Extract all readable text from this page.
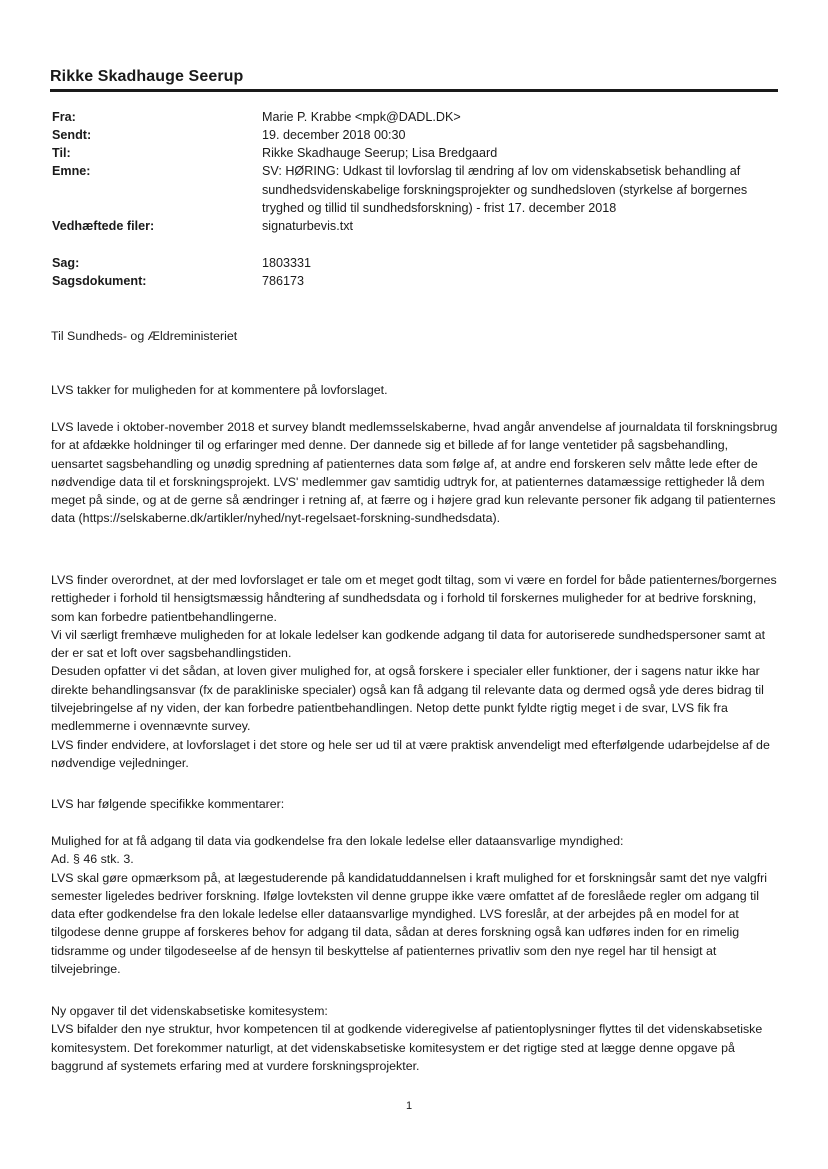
Rikke Skadhauge Seerup
Fra:	Marie P. Krabbe <mpk@DADL.DK>
Sendt:	19. december 2018 00:30
Til:	Rikke Skadhauge Seerup; Lisa Bredgaard
Emne:	SV: HØRING: Udkast til lovforslag til ændring af lov om videnskabsetisk behandling af sundhedsvidenskabelige forskningsprojekter og sundhedsloven (styrkelse af borgernes tryghed og tillid til sundhedsforskning) - frist 17. december 2018
Vedhæftede filer:	signaturbevis.txt
Sag:	1803331
Sagsdokument:	786173
Til Sundheds- og Ældreministeriet
LVS takker for muligheden for at kommentere på lovforslaget.
LVS lavede i oktober-november 2018 et survey blandt medlemsselskaberne, hvad angår anvendelse af journaldata til forskningsbrug for at afdække holdninger til og erfaringer med denne. Der dannede sig et billede af for lange ventetider på sagsbehandling, uensartet sagsbehandling og unødig spredning af patienternes data som følge af, at andre end forskeren selv måtte lede efter de nødvendige data til et forskningsprojekt. LVS' medlemmer gav samtidig udtryk for, at patienternes datamæssige rettigheder lå dem meget på sinde, og at de gerne så ændringer i retning af, at færre og i højere grad kun relevante personer fik adgang til patienternes data (https://selskaberne.dk/artikler/nyhed/nyt-regelsaet-forskning-sundhedsdata).

LVS finder overordnet, at der med lovforslaget er tale om et meget godt tiltag, som vi være en fordel for både patienternes/borgernes rettigheder i forhold til hensigtsmæssig håndtering af sundhedsdata og i forhold til forskernes muligheder for at bedrive forskning, som kan forbedre patientbehandlingerne.

Vi vil særligt fremhæve muligheden for at lokale ledelser kan godkende adgang til data for autoriserede sundhedspersoner samt at der er sat et loft over sagsbehandlingstiden.

Desuden opfatter vi det sådan, at loven giver mulighed for, at også forskere i specialer eller funktioner, der i sagens natur ikke har direkte behandlingsansvar (fx de parakliniske specialer) også kan få adgang til relevante data og dermed også yde deres bidrag til tilvejebringelse af ny viden, der kan forbedre patientbehandlingen. Netop dette punkt fyldte rigtig meget i de svar, LVS fik fra medlemmerne i ovennævnte survey.

LVS finder endvidere, at lovforslaget i det store og hele ser ud til at være praktisk anvendeligt med efterfølgende udarbejdelse af de nødvendige vejledninger.

LVS har følgende specifikke kommentarer:

Mulighed for at få adgang til data via godkendelse fra den lokale ledelse eller dataansvarlige myndighed:

Ad. § 46 stk. 3.

LVS skal gøre opmærksom på, at lægestuderende på kandidatuddannelsen i kraft mulighed for et forskningsår samt det nye valgfri semester ligeledes bedriver forskning. Ifølge lovteksten vil denne gruppe ikke være omfattet af de foreslåede regler om adgang til data efter godkendelse fra den lokale ledelse eller dataansvarlige myndighed. LVS foreslår, at der arbejdes på en model for at tilgodese denne gruppe af forskeres behov for adgang til data, sådan at deres forskning også kan udføres inden for en rimelig tidsramme og under tilgodeseelse af de hensyn til beskyttelse af patienternes privatliv som den nye regel har til hensigt at tilvejebringe.

Ny opgaver til det videnskabsetiske komitesystem:

LVS bifalder den nye struktur, hvor kompetencen til at godkende videregivelse af patientoplysninger flyttes til det videnskabsetiske komitesystem. Det forekommer naturligt, at det videnskabsetiske komitesystem er det rigtige sted at lægge denne opgave på baggrund af systemets erfaring med at vurdere forskningsprojekter.

1
